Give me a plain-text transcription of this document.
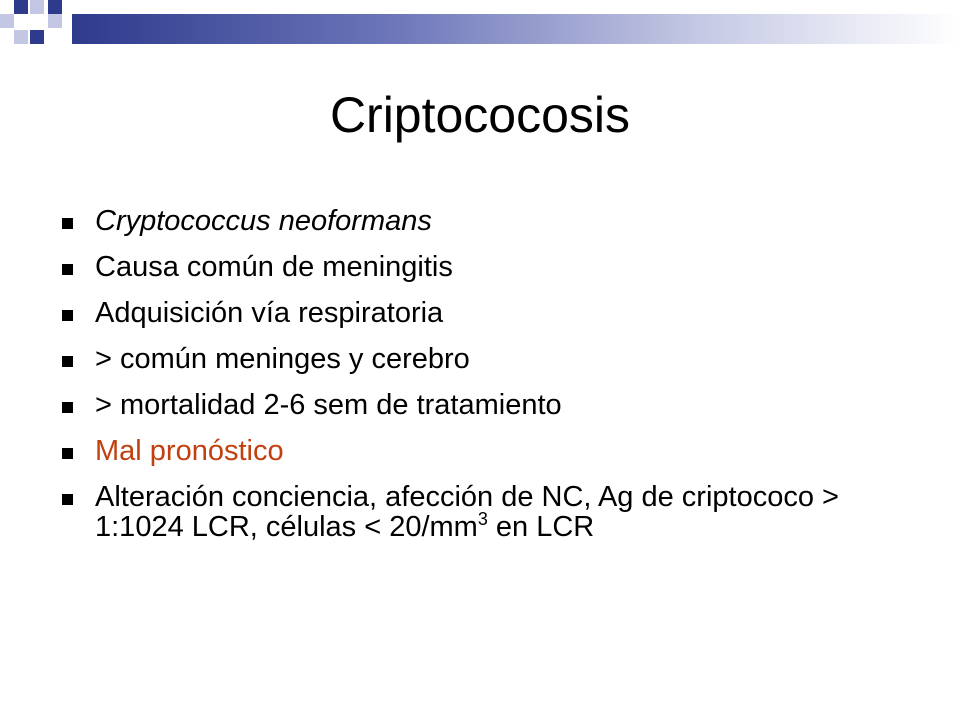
Criptococosis
Cryptococcus neoformans
Causa común de meningitis
Adquisición vía respiratoria
> común meninges y cerebro
> mortalidad 2-6 sem de tratamiento
Mal pronóstico
Alteración conciencia, afección de NC, Ag de criptococo > 1:1024 LCR, células < $20/mm^3$ en LCR
